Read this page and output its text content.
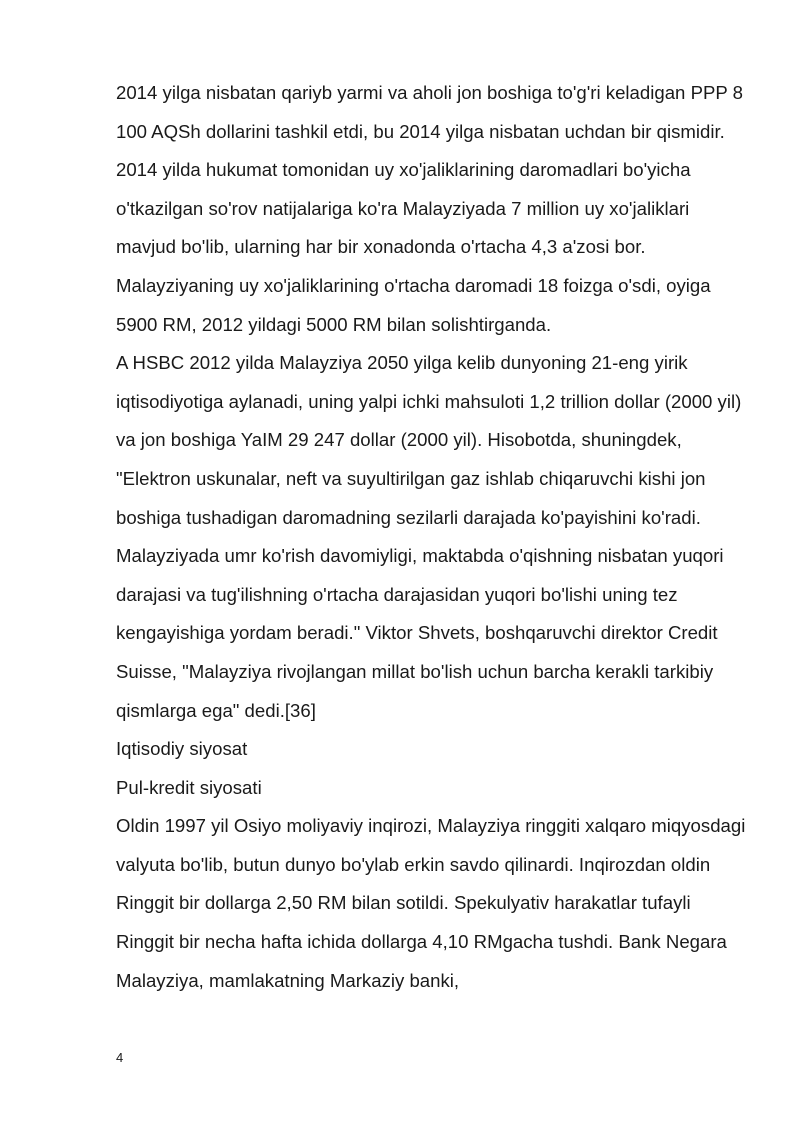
2014 yilga nisbatan qariyb yarmi va aholi jon boshiga to'g'ri keladigan PPP 8 100 AQSh dollarini tashkil etdi, bu 2014 yilga nisbatan uchdan bir qismidir.

2014 yilda hukumat tomonidan uy xo'jaliklarining daromadlari bo'yicha o'tkazilgan so'rov natijalariga ko'ra Malayziyada 7 million uy xo'jaliklari mavjud bo'lib, ularning har bir xonadonda o'rtacha 4,3 a'zosi bor. Malayziyaning uy xo'jaliklarining o'rtacha daromadi 18 foizga o'sdi, oyiga 5900 RM, 2012 yildagi 5000 RM bilan solishtirganda.

A HSBC 2012 yilda Malayziya 2050 yilga kelib dunyoning 21-eng yirik iqtisodiyotiga aylanadi, uning yalpi ichki mahsuloti 1,2 trillion dollar (2000 yil) va jon boshiga YaIM 29 247 dollar (2000 yil). Hisobotda, shuningdek, "Elektron uskunalar, neft va suyultirilgan gaz ishlab chiqaruvchi kishi jon boshiga tushadigan daromadning sezilarli darajada ko'payishini ko'radi. Malayziyada umr ko'rish davomiyligi, maktabda o'qishning nisbatan yuqori darajasi va tug'ilishning o'rtacha darajasidan yuqori bo'lishi uning tez kengayishiga yordam beradi." Viktor Shvets, boshqaruvchi direktor Credit Suisse, "Malayziya rivojlangan millat bo'lish uchun barcha kerakli tarkibiy qismlarga ega" dedi.[36]

Iqtisodiy siyosat

Pul-kredit siyosati

Oldin 1997 yil Osiyo moliyaviy inqirozi, Malayziya ringgiti xalqaro miqyosdagi valyuta bo'lib, butun dunyo bo'ylab erkin savdo qilinardi. Inqirozdan oldin Ringgit bir dollarga 2,50 RM bilan sotildi. Spekulyativ harakatlar tufayli Ringgit bir necha hafta ichida dollarga 4,10 RMgacha tushdi. Bank Negara Malayziya, mamlakatning Markaziy banki,

4
